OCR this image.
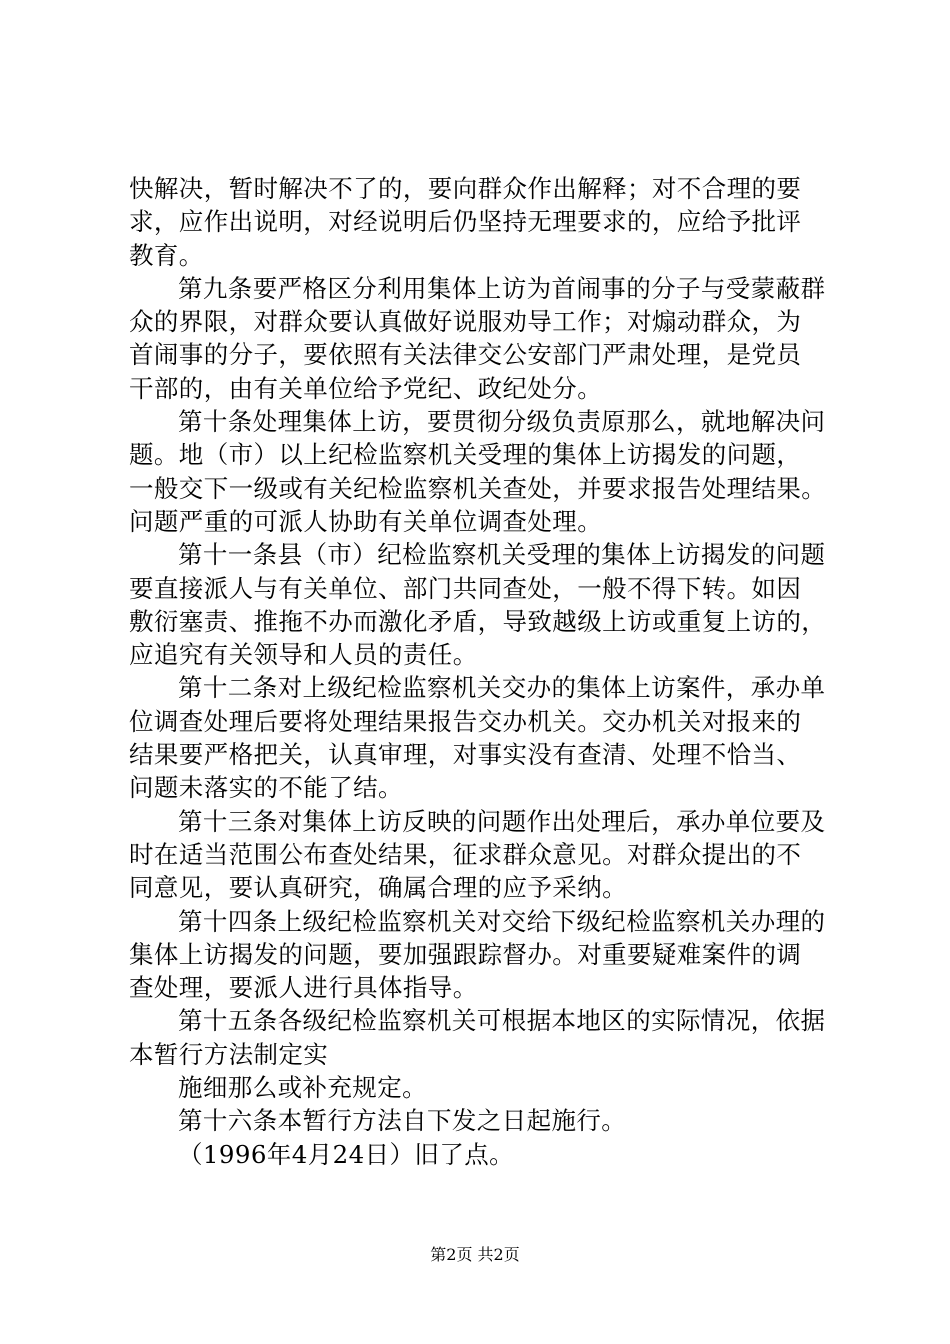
快解决，暂时解决不了的，要向群众作出解释；对不合理的要
求，应作出说明，对经说明后仍坚持无理要求的，应给予批评
教育。
第九条要严格区分利用集体上访为首闹事的分子与受蒙蔽群
众的界限，对群众要认真做好说服劝导工作；对煽动群众，为
首闹事的分子，要依照有关法律交公安部门严肃处理，是党员
干部的，由有关单位给予党纪、政纪处分。
第十条处理集体上访，要贯彻分级负责原那么，就地解决问
题。地（市）以上纪检监察机关受理的集体上访揭发的问题，
一般交下一级或有关纪检监察机关查处，并要求报告处理结果。
问题严重的可派人协助有关单位调查处理。
第十一条县（市）纪检监察机关受理的集体上访揭发的问题
要直接派人与有关单位、部门共同查处，一般不得下转。如因
敷衍塞责、推拖不办而激化矛盾，导致越级上访或重复上访的，
应追究有关领导和人员的责任。
第十二条对上级纪检监察机关交办的集体上访案件，承办单
位调查处理后要将处理结果报告交办机关。交办机关对报来的
结果要严格把关，认真审理，对事实没有查清、处理不恰当、
问题未落实的不能了结。
第十三条对集体上访反映的问题作出处理后，承办单位要及
时在适当范围公布查处结果，征求群众意见。对群众提出的不
同意见，要认真研究，确属合理的应予采纳。
第十四条上级纪检监察机关对交给下级纪检监察机关办理的
集体上访揭发的问题，要加强跟踪督办。对重要疑难案件的调
查处理，要派人进行具体指导。
第十五条各级纪检监察机关可根据本地区的实际情况，依据
本暂行方法制定实
施细那么或补充规定。
第十六条本暂行方法自下发之日起施行。
（1996年4月24日）旧了点。
第2页 共2页
